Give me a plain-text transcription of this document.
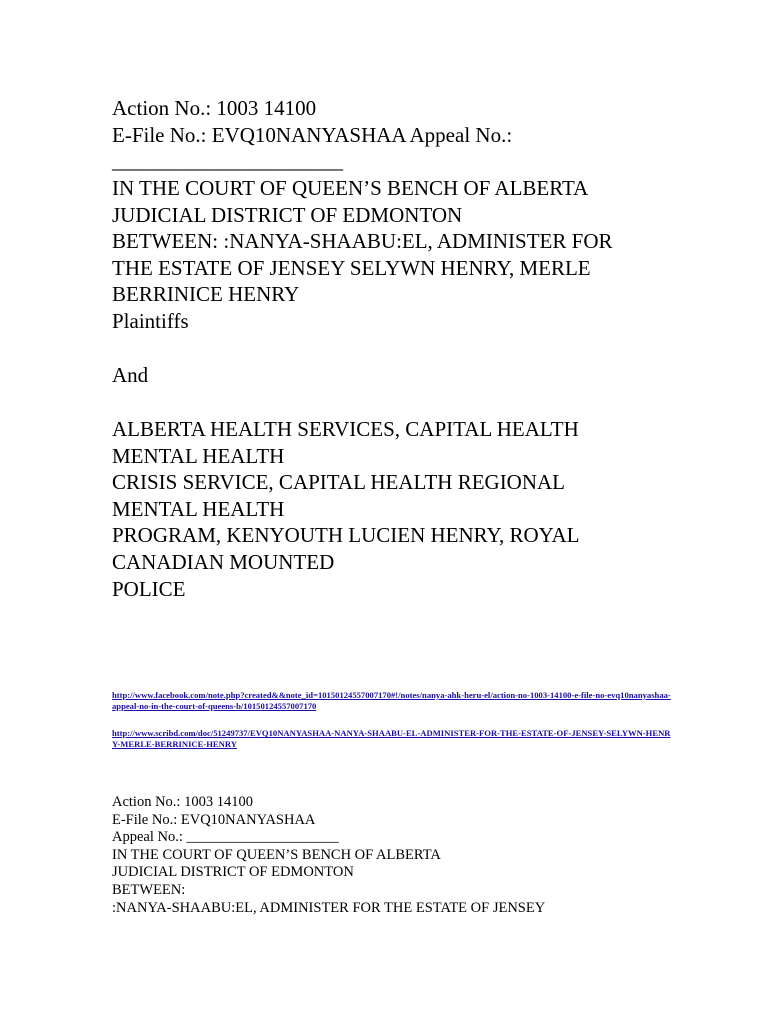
Action No.: 1003 14100
E-File No.: EVQ10NANYASHAA Appeal No.:
______________________
IN THE COURT OF QUEEN’S BENCH OF ALBERTA
JUDICIAL DISTRICT OF EDMONTON
BETWEEN: :NANYA-SHAABU:EL, ADMINISTER FOR
THE ESTATE OF JENSEY SELYWN HENRY, MERLE
BERRINICE HENRY
Plaintiffs
And
ALBERTA HEALTH SERVICES, CAPITAL HEALTH
MENTAL HEALTH
CRISIS SERVICE, CAPITAL HEALTH REGIONAL
MENTAL HEALTH
PROGRAM, KENYOUTH LUCIEN HENRY, ROYAL
CANADIAN MOUNTED
POLICE
http://www.facebook.com/note.php?created&&note_id=10150124557007170#!/notes/nanya-ahk-heru-el/action-no-1003-14100-e-file-no-evq10nanyashaa-appeal-no-in-the-court-of-queens-b/10150124557007170
http://www.scribd.com/doc/51249737/EVQ10NANYASHAA-NANYA-SHAABU-EL-ADMINISTER-FOR-THE-ESTATE-OF-JENSEY-SELYWN-HENRY-MERLE-BERRINICE-HENRY
Action No.: 1003 14100
E-File No.: EVQ10NANYASHAA
Appeal No.: _____________________
IN THE COURT OF QUEEN’S BENCH OF ALBERTA
JUDICIAL DISTRICT OF EDMONTON
BETWEEN:
:NANYA-SHAABU:EL, ADMINISTER FOR THE ESTATE OF JENSEY
